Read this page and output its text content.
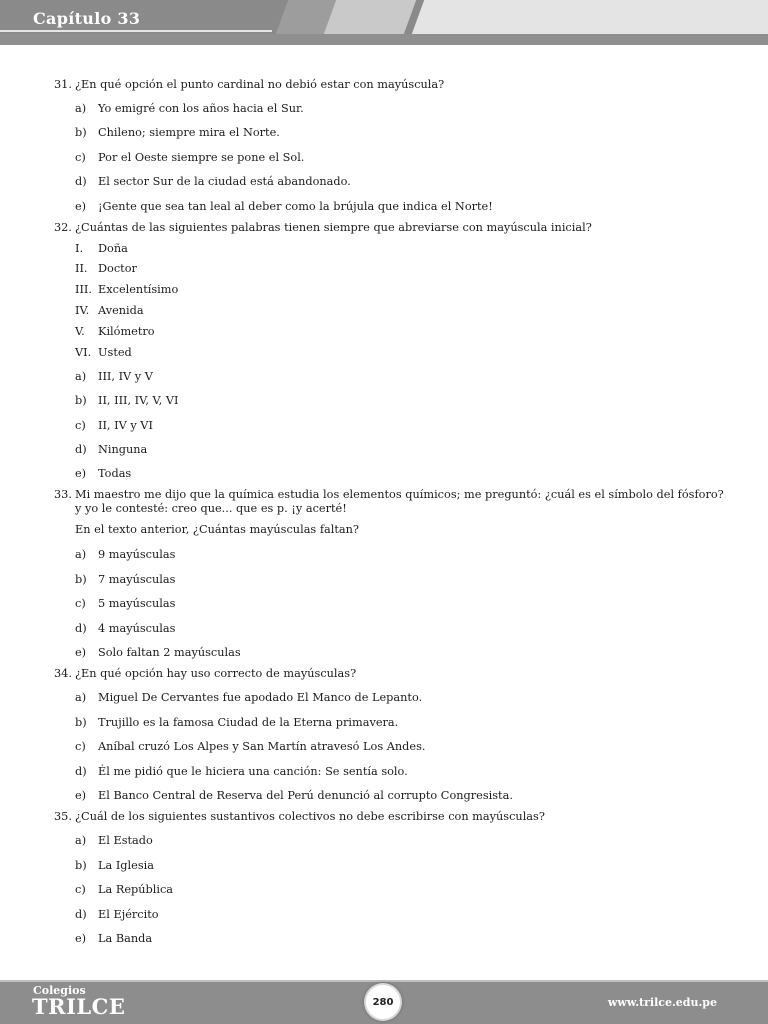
Capítulo 33
31. ¿En qué opción el punto cardinal no debió estar con mayúscula?
a) Yo emigré con los años hacia el Sur.
b) Chileno; siempre mira el Norte.
c) Por el Oeste siempre se pone el Sol.
d) El sector Sur de la ciudad está abandonado.
e) ¡Gente que sea tan leal al deber como la brújula que indica el Norte!
32. ¿Cuántas de las siguientes palabras tienen siempre que abreviarse con mayúscula inicial?
I. Doña
II. Doctor
III. Excelentísimo
IV. Avenida
V. Kilómetro
VI. Usted
a) III, IV y V
b) II, III, IV, V, VI
c) II, IV y VI
d) Ninguna
e) Todas
33. Mi maestro me dijo que la química estudia los elementos químicos; me preguntó: ¿cuál es el símbolo del fósforo?
y yo le contesté: creo que... que es p. ¡y acerté!
En el texto anterior, ¿Cuántas mayúsculas faltan?
a) 9 mayúsculas
b) 7 mayúsculas
c) 5 mayúsculas
d) 4 mayúsculas
e) Solo faltan 2 mayúsculas
34. ¿En qué opción hay uso correcto de mayúsculas?
a) Miguel De Cervantes fue apodado El Manco de Lepanto.
b) Trujillo es la famosa Ciudad de la Eterna primavera.
c) Aníbal cruzó Los Alpes y San Martín atravesó Los Andes.
d) Él me pidió que le hiciera una canción: Se sentía solo.
e) El Banco Central de Reserva del Perú denunció al corrupto Congresista.
35. ¿Cuál de los siguientes sustantivos colectivos no debe escribirse con mayúsculas?
a) El Estado
b) La Iglesia
c) La República
d) El Ejército
e) La Banda
Colegios
TRILCE	www.trilce.edu.pe
280
